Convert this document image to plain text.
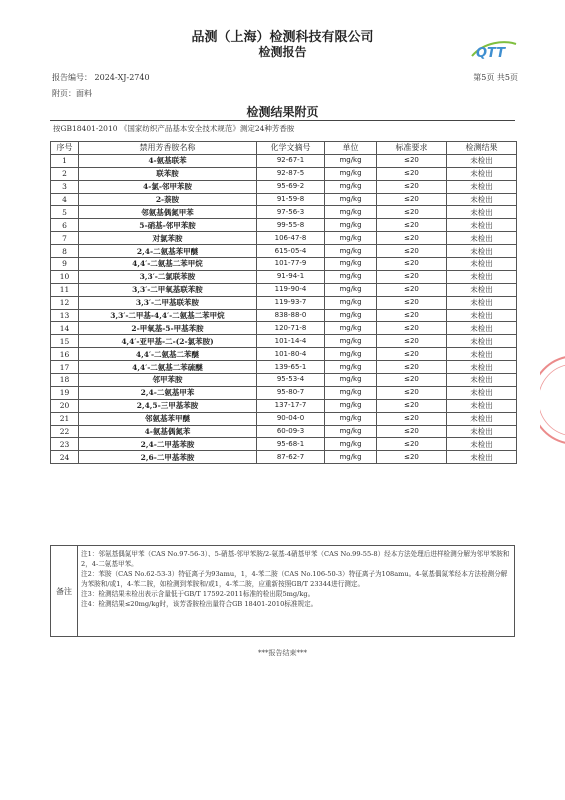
品测（上海）检测科技有限公司
检测报告	QTT
报告编号： 2024-XJ-2740	第5页 共5页
附页：面料
检测结果附页
按GB18401-2010 《国家纺织产品基本安全技术规范》测定24种芳香胺
序号	禁用芳香胺名称	化学文摘号	单位	标准要求	检测结果
1	4-氨基联苯	92-67-1	mg/kg	≤20	未检出
2	联苯胺	92-87-5	mg/kg	≤20	未检出
3	4-氯-邻甲苯胺	95-69-2	mg/kg	≤20	未检出
4	2-萘胺	91-59-8	mg/kg	≤20	未检出
5	邻氨基偶氮甲苯	97-56-3	mg/kg	≤20	未检出
6	5-硝基-邻甲苯胺	99-55-8	mg/kg	≤20	未检出
7	对氯苯胺	106-47-8	mg/kg	≤20	未检出
8	2,4-二氨基苯甲醚	615-05-4	mg/kg	≤20	未检出
9	4,4′-二氨基二苯甲烷	101-77-9	mg/kg	≤20	未检出
10	3,3′-二氯联苯胺	91-94-1	mg/kg	≤20	未检出
11	3,3′-二甲氧基联苯胺	119-90-4	mg/kg	≤20	未检出
12	3,3′-二甲基联苯胺	119-93-7	mg/kg	≤20	未检出
13	3,3′-二甲基-4,4′-二氨基二苯甲烷	838-88-0	mg/kg	≤20	未检出
14	2-甲氧基-5-甲基苯胺	120-71-8	mg/kg	≤20	未检出
15	4,4′-亚甲基-二-(2-氯苯胺)	101-14-4	mg/kg	≤20	未检出
16	4,4′-二氨基二苯醚	101-80-4	mg/kg	≤20	未检出
17	4,4′-二氨基二苯硫醚	139-65-1	mg/kg	≤20	未检出
18	邻甲苯胺	95-53-4	mg/kg	≤20	未检出
19	2,4-二氨基甲苯	95-80-7	mg/kg	≤20	未检出
20	2,4,5-三甲基苯胺	137-17-7	mg/kg	≤20	未检出
21	邻氨基苯甲醚	90-04-0	mg/kg	≤20	未检出
22	4-氨基偶氮苯	60-09-3	mg/kg	≤20	未检出
23	2,4-二甲基苯胺	95-68-1	mg/kg	≤20	未检出
24	2,6-二甲基苯胺	87-62-7	mg/kg	≤20	未检出
备注

注1：邻氨基偶氮甲苯（CAS No.97-56-3）、5-硝基-邻甲苯胺/2-氨基-4硝基甲苯（CAS No.99-55-8）经本方法处理后进样检测分解为邻甲苯胺和2，4-二氨基甲苯。

注2：苯胺（CAS No.62-53-3）特征离子为93amu，1，4-苯二胺（CAS No.106-50-3）特征离子为108amu。4-氨基偶氮苯经本方法检测分解为苯胺和/或1，4-苯二胺，如检测到苯胺和/或1，4-苯二胺，应重新按照GB/T 23344进行测定。

注3：检测结果未检出表示含量低于GB/T 17592-2011标准的检出限5mg/kg。

注4：检测结果≤20mg/kg时，该芳香胺检出量符合GB 18401-2010标准规定。

***报告结束***
